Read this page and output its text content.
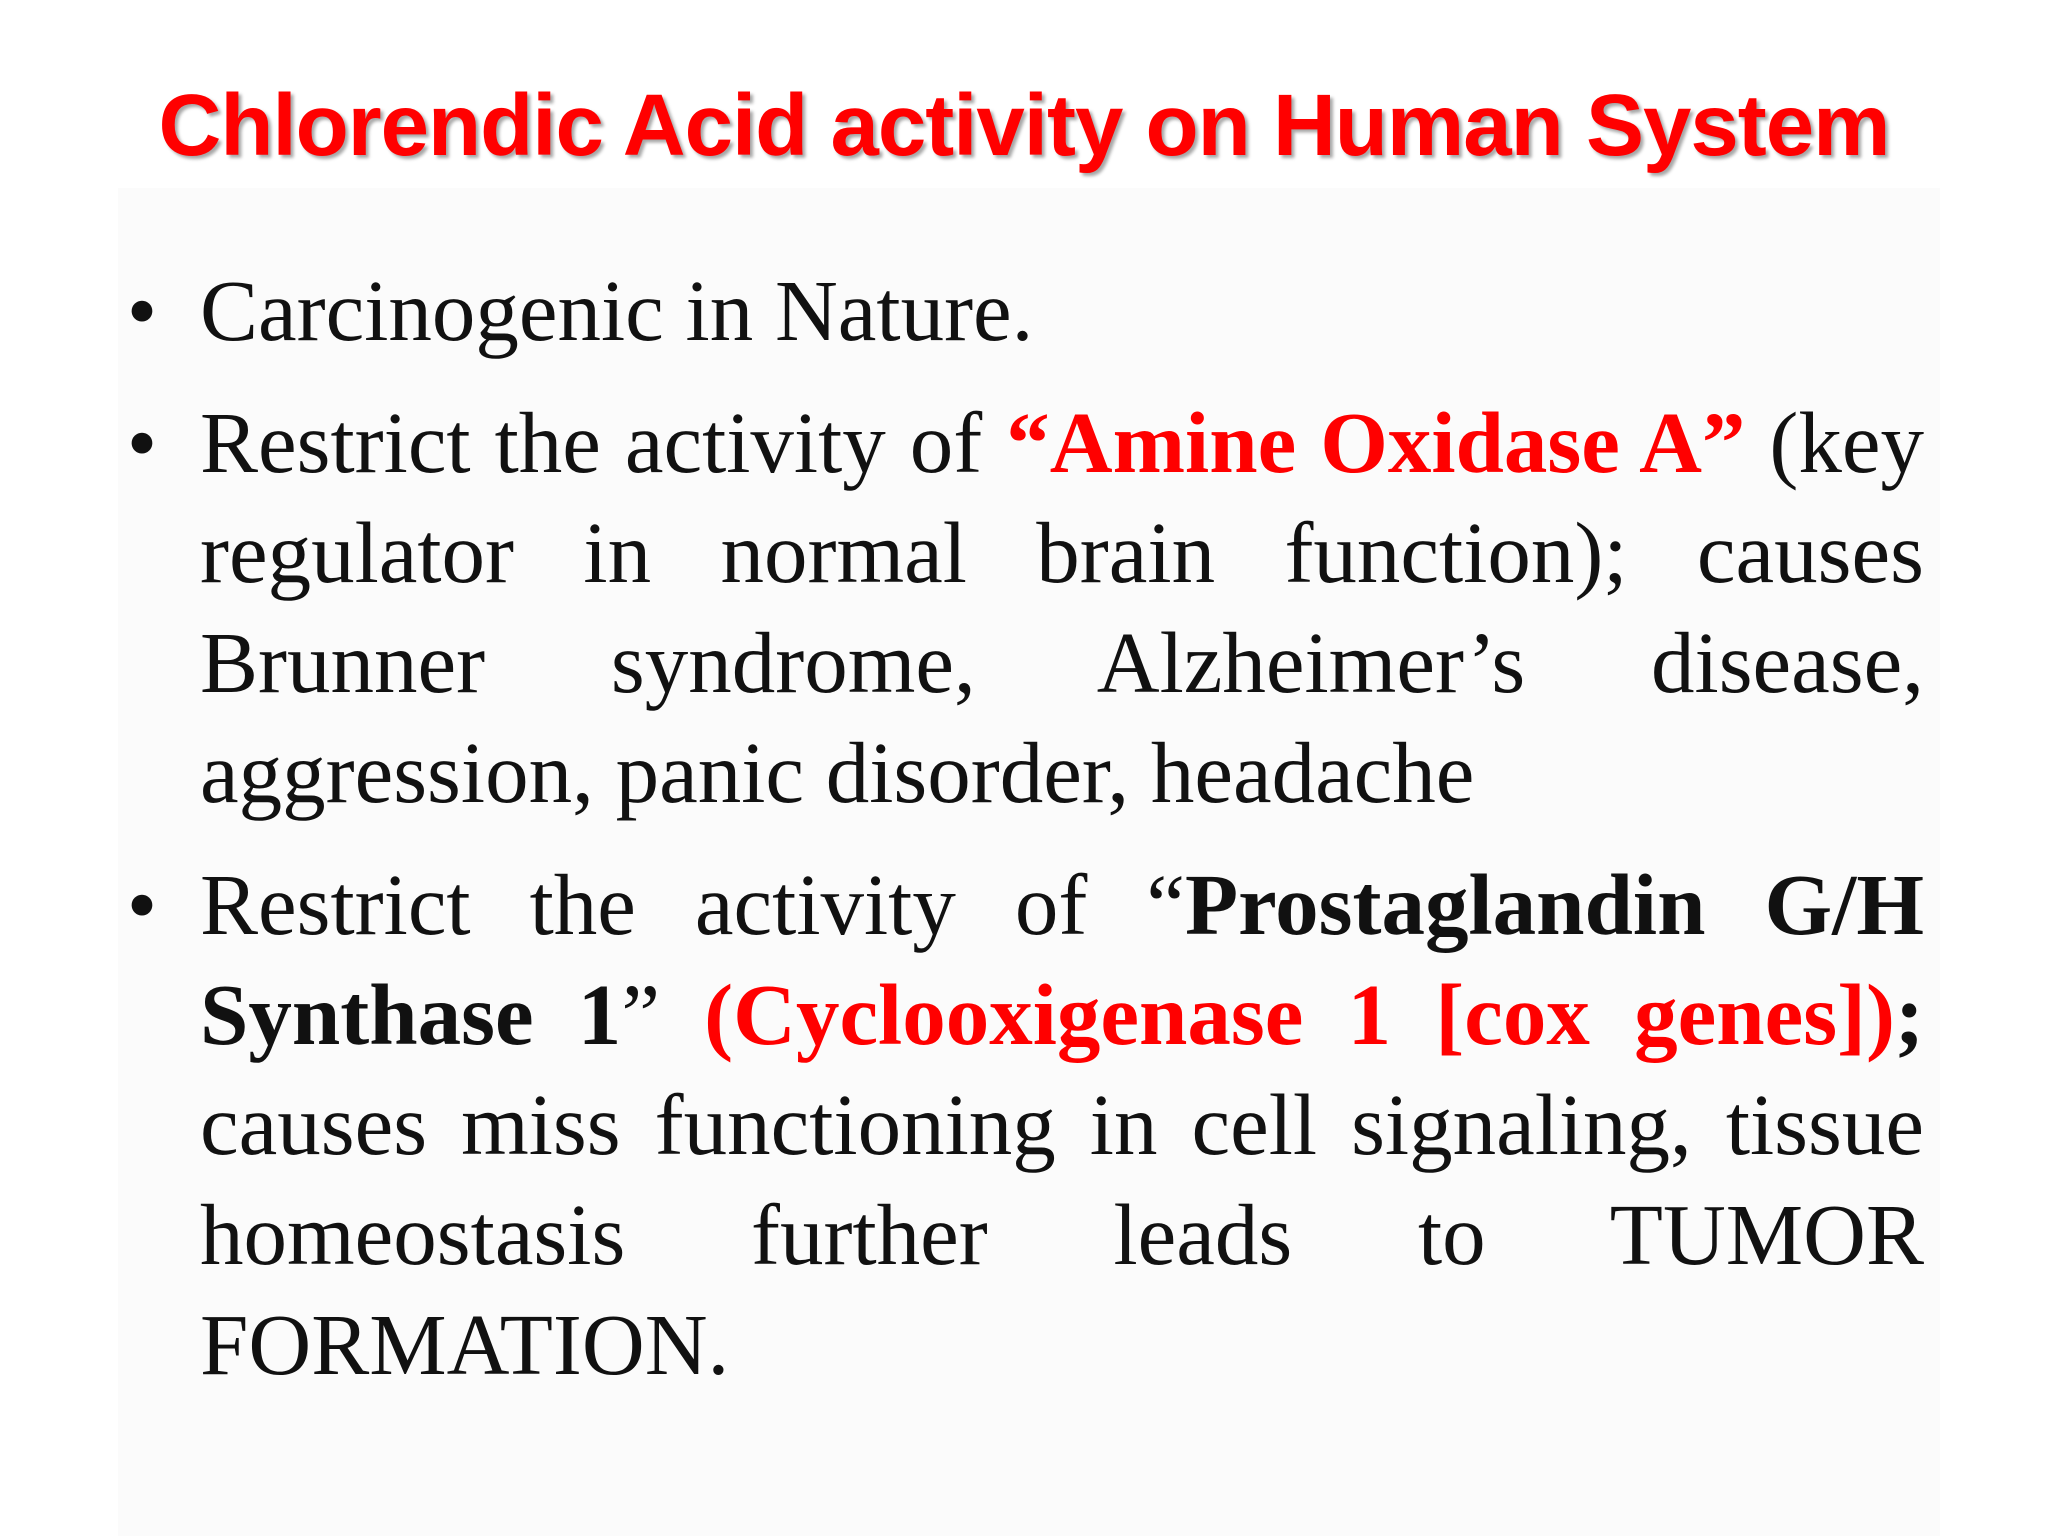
Chlorendic Acid activity on Human System
• Carcinogenic in Nature.
• Restrict the activity of “Amine Oxidase A” (key regulator in normal brain function); causes Brunner syndrome, Alzheimer’s disease, aggression, panic disorder, headache
• Restrict the activity of “Prostaglandin G/H Synthase 1” (Cyclooxigenase 1 [cox genes]); causes miss functioning in cell signaling, tissue homeostasis further leads to TUMOR FORMATION.
